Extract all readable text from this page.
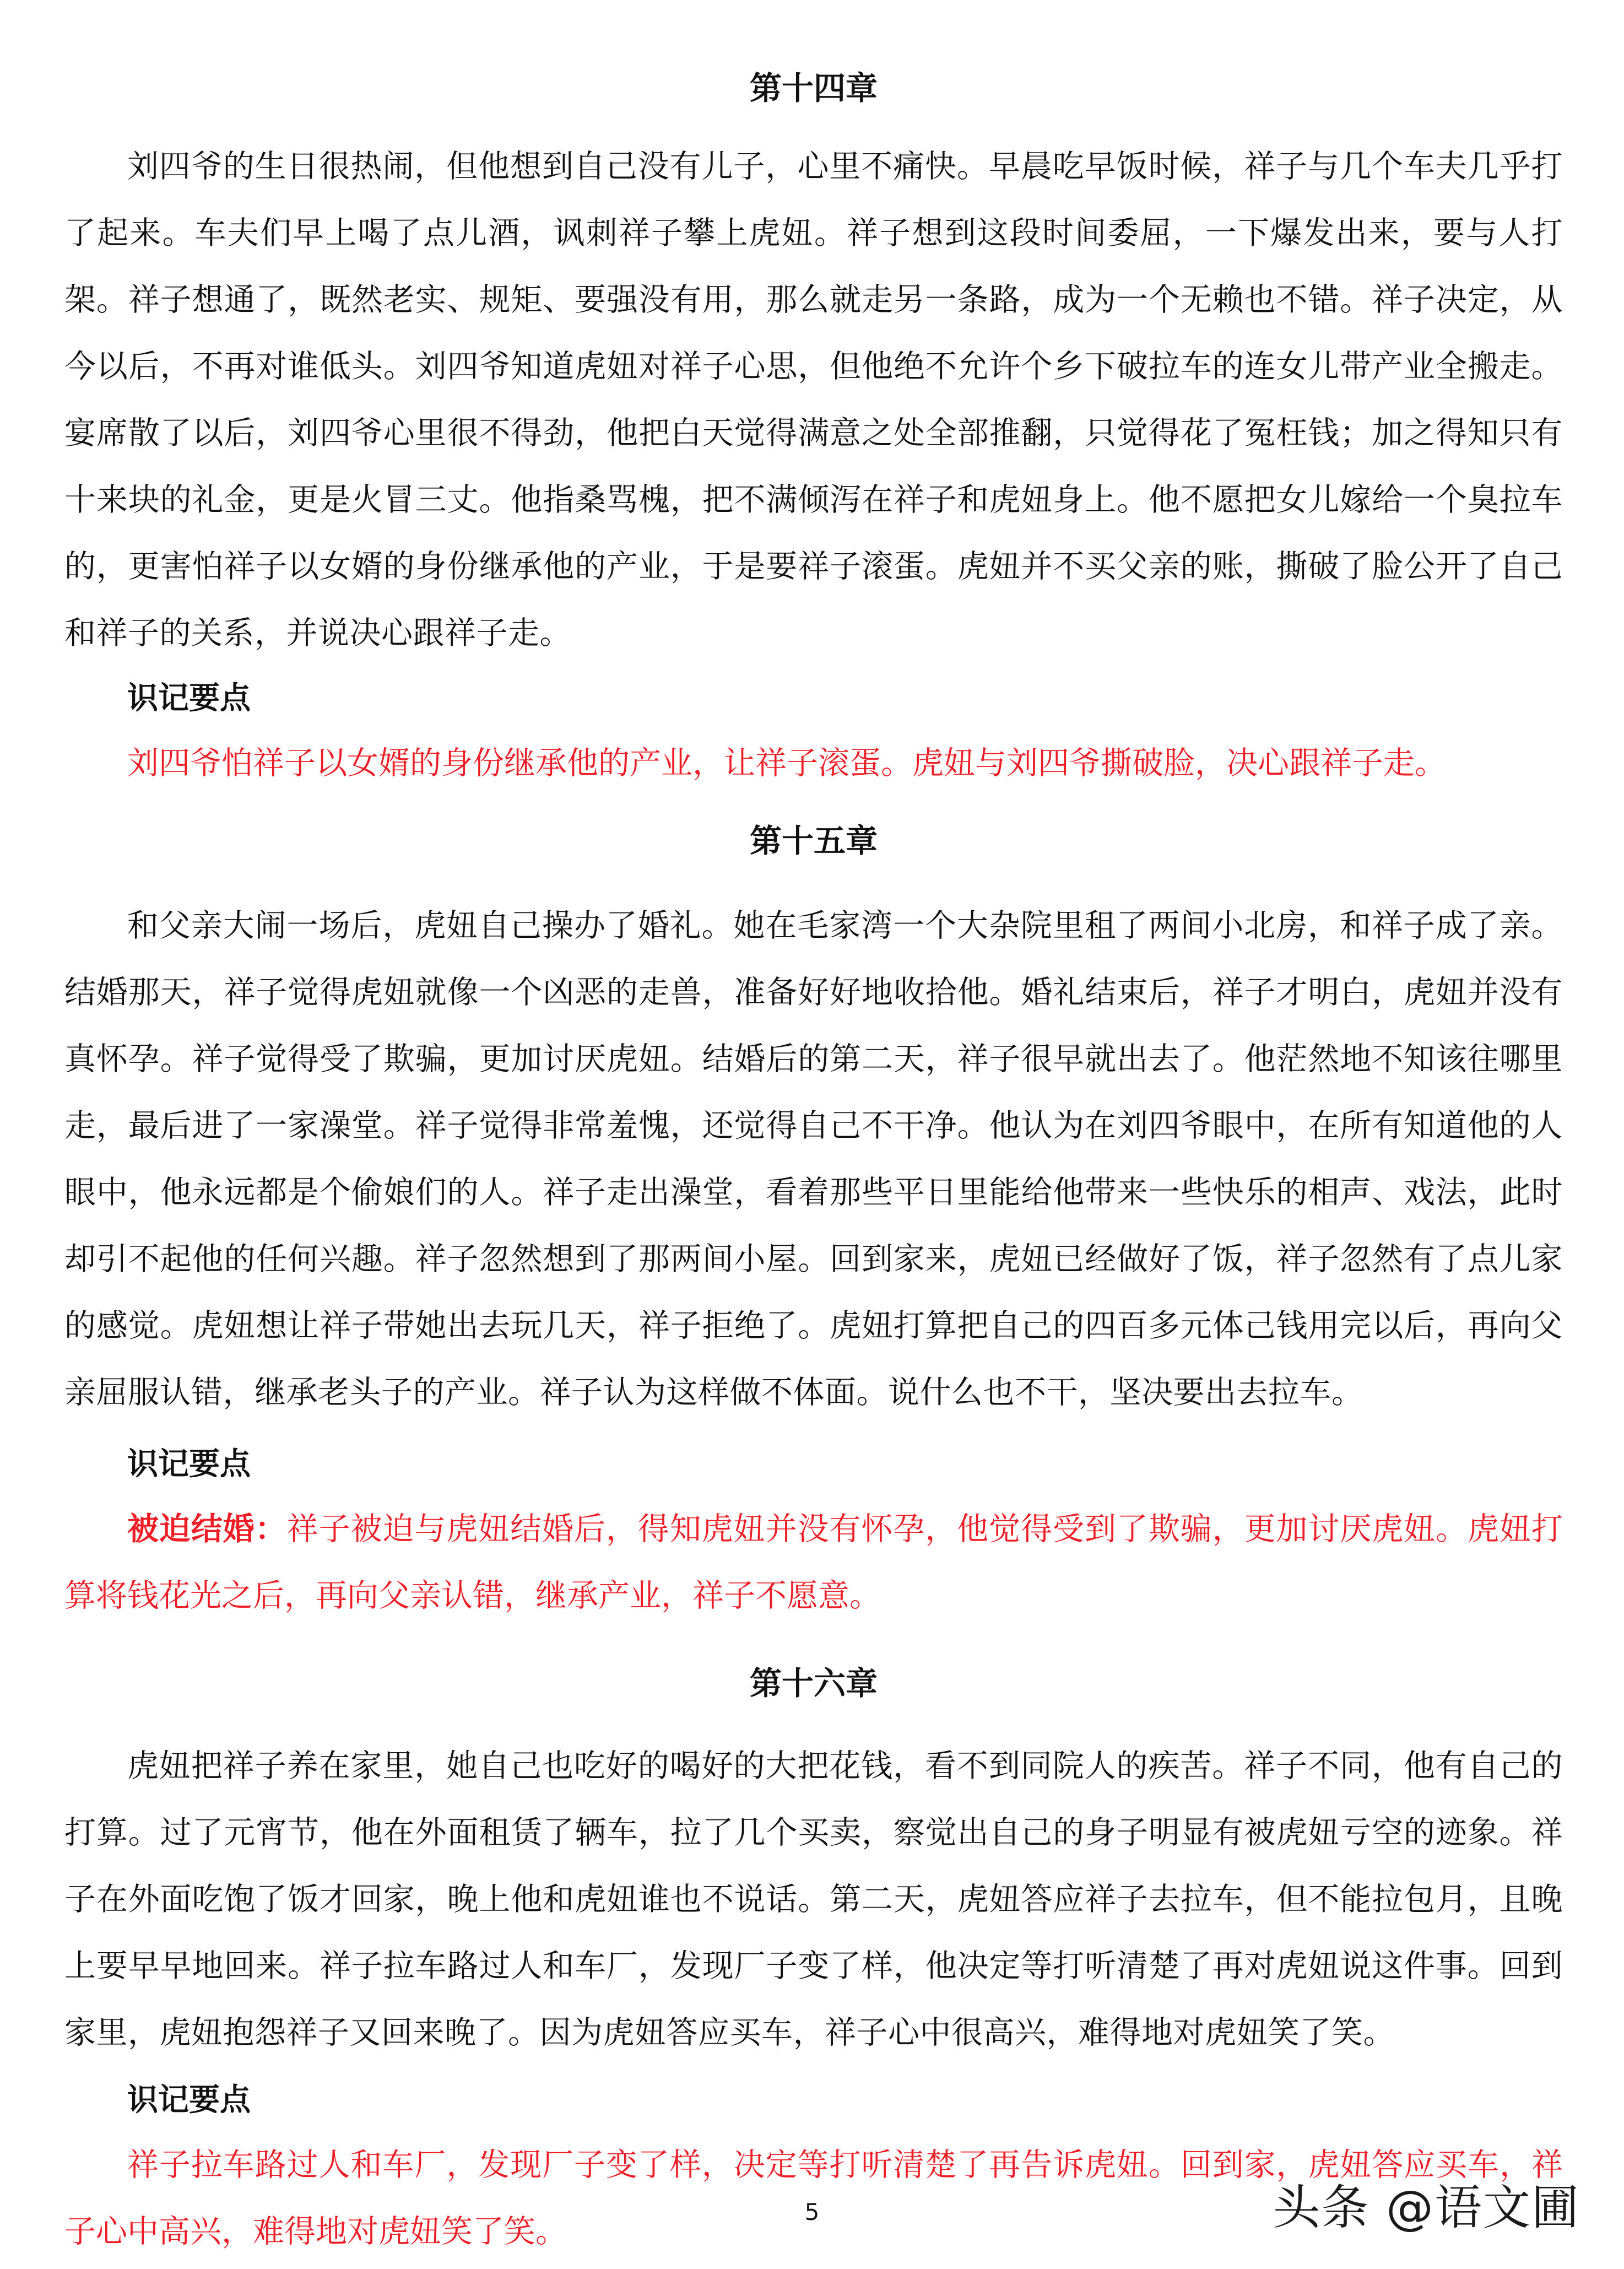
第十四章

刘四爷的生日很热闹，但他想到自己没有儿子，心里不痛快。早晨吃早饭时候，祥子与几个车夫几乎打了起来。车夫们早上喝了点儿酒，讽刺祥子攀上虎妞。祥子想到这段时间委屈，一下爆发出来，要与人打架。祥子想通了，既然老实、规矩、要强没有用，那么就走另一条路，成为一个无赖也不错。祥子决定，从今以后，不再对谁低头。刘四爷知道虎妞对祥子心思，但他绝不允许个乡下破拉车的连女儿带产业全搬走。宴席散了以后，刘四爷心里很不得劲，他把白天觉得满意之处全部推翻，只觉得花了冤枉钱；加之得知只有十来块的礼金，更是火冒三丈。他指桑骂槐，把不满倾泻在祥子和虎妞身上。他不愿把女儿嫁给一个臭拉车的，更害怕祥子以女婿的身份继承他的产业，于是要祥子滚蛋。虎妞并不买父亲的账，撕破了脸公开了自己和祥子的关系，并说决心跟祥子走。

识记要点

刘四爷怕祥子以女婿的身份继承他的产业，让祥子滚蛋。虎妞与刘四爷撕破脸，决心跟祥子走。

第十五章

和父亲大闹一场后，虎妞自己操办了婚礼。她在毛家湾一个大杂院里租了两间小北房，和祥子成了亲。结婚那天，祥子觉得虎妞就像一个凶恶的走兽，准备好好地收拾他。婚礼结束后，祥子才明白，虎妞并没有真怀孕。祥子觉得受了欺骗，更加讨厌虎妞。结婚后的第二天，祥子很早就出去了。他茫然地不知该往哪里走，最后进了一家澡堂。祥子觉得非常羞愧，还觉得自己不干净。他认为在刘四爷眼中，在所有知道他的人眼中，他永远都是个偷娘们的人。祥子走出澡堂，看着那些平日里能给他带来一些快乐的相声、戏法，此时却引不起他的任何兴趣。祥子忽然想到了那两间小屋。回到家来，虎妞已经做好了饭，祥子忽然有了点儿家的感觉。虎妞想让祥子带她出去玩几天，祥子拒绝了。虎妞打算把自己的四百多元体己钱用完以后，再向父亲屈服认错，继承老头子的产业。祥子认为这样做不体面。说什么也不干，坚决要出去拉车。

识记要点

被迫结婚：祥子被迫与虎妞结婚后，得知虎妞并没有怀孕，他觉得受到了欺骗，更加讨厌虎妞。虎妞打算将钱花光之后，再向父亲认错，继承产业，祥子不愿意。

第十六章

虎妞把祥子养在家里，她自己也吃好的喝好的大把花钱，看不到同院人的疾苦。祥子不同，他有自己的打算。过了元宵节，他在外面租赁了辆车，拉了几个买卖，察觉出自己的身子明显有被虎妞亏空的迹象。祥子在外面吃饱了饭才回家，晚上他和虎妞谁也不说话。第二天，虎妞答应祥子去拉车，但不能拉包月，且晚上要早早地回来。祥子拉车路过人和车厂，发现厂子变了样，他决定等打听清楚了再对虎妞说这件事。回到家里，虎妞抱怨祥子又回来晚了。因为虎妞答应买车，祥子心中很高兴，难得地对虎妞笑了笑。

识记要点

祥子拉车路过人和车厂，发现厂子变了样，决定等打听清楚了再告诉虎妞。回到家，虎妞答应买车，祥子心中高兴，难得地对虎妞笑了笑。

5	头条 @语文圃
